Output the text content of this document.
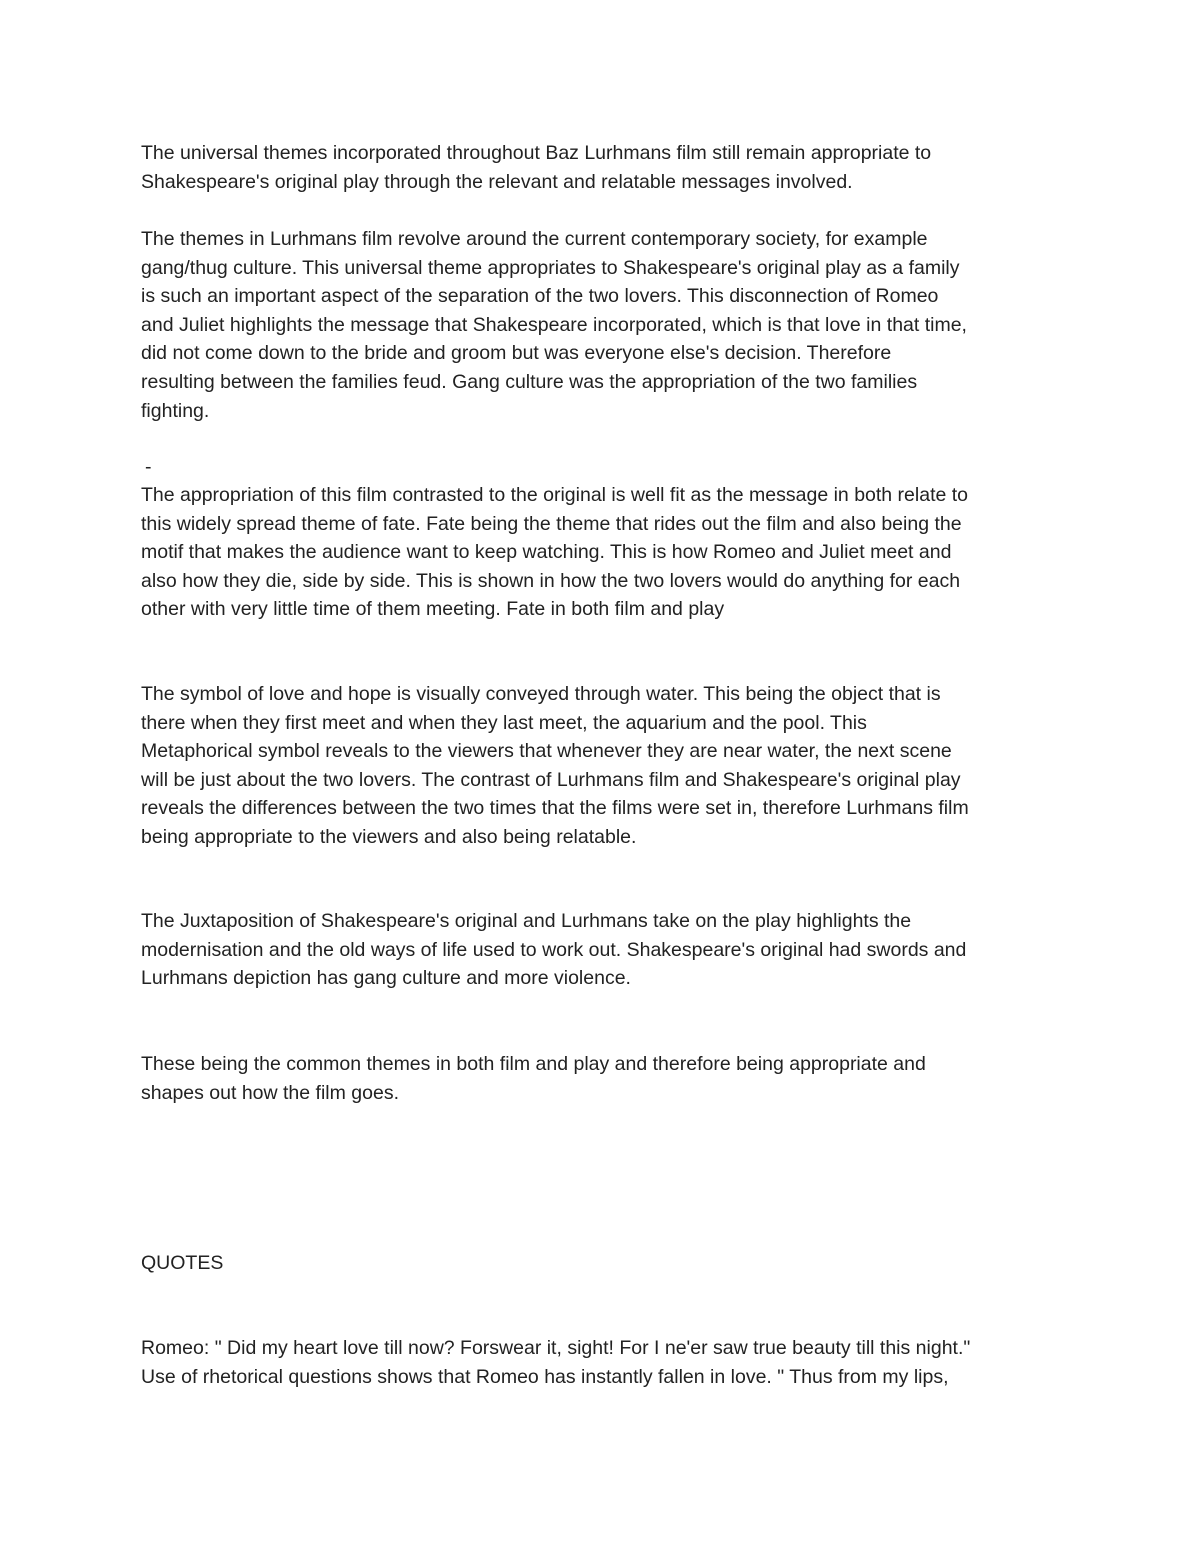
The universal themes incorporated throughout Baz Lurhmans film still remain appropriate to
Shakespeare's original play through the relevant and relatable messages involved.
The themes in Lurhmans film revolve around the current contemporary society, for example
gang/thug culture. This universal theme appropriates to Shakespeare's original play as a family
is such an important aspect of the separation of the two lovers. This disconnection of Romeo
and Juliet highlights the message that Shakespeare incorporated, which is that love in that time,
did not come down to the bride and groom but was everyone else's decision. Therefore
resulting between the families feud. Gang culture was the appropriation of the two families
fighting.
-
The appropriation of this film contrasted to the original is well fit as the message in both relate to
this widely spread theme of fate. Fate being the theme that rides out the film and also being the
motif that makes the audience want to keep watching. This is how Romeo and Juliet meet and
also how they die, side by side. This is shown in how the two lovers would do anything for each
other with very little time of them meeting. Fate in both film and play
The symbol of love and hope is visually conveyed through water. This being the object that is
there when they first meet and when they last meet, the aquarium and the pool. This
Metaphorical symbol reveals to the viewers that whenever they are near water, the next scene
will be just about the two lovers. The contrast of Lurhmans film and Shakespeare's original play
reveals the differences between the two times that the films were set in, therefore Lurhmans film
being appropriate to the viewers and also being relatable.
The Juxtaposition of Shakespeare's original and Lurhmans take on the play highlights the
modernisation and the old ways of life used to work out. Shakespeare's original had swords and
Lurhmans depiction has gang culture and more violence.
These being the common themes in both film and play and therefore being appropriate and
shapes out how the film goes.
QUOTES
Romeo: " Did my heart love till now? Forswear it, sight! For I ne'er saw true beauty till this night."
Use of rhetorical questions shows that Romeo has instantly fallen in love. " Thus from my lips,
